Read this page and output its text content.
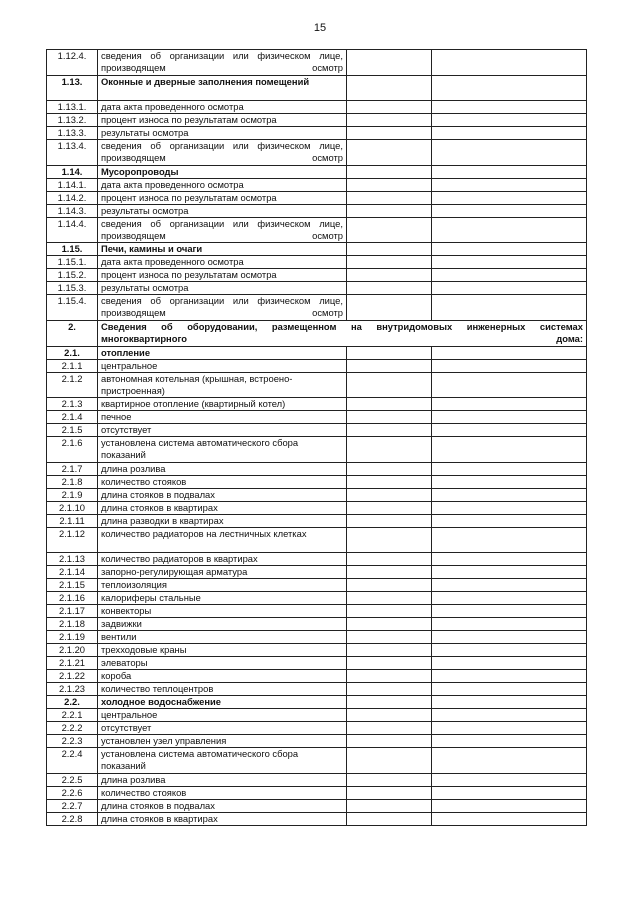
15
1.12.4.	сведения об организации или физическом лице, производящем осмотр		
1.13.	Оконные и дверные заполнения помещений		
1.13.1.	дата акта проведенного осмотра		
1.13.2.	процент износа по результатам осмотра		
1.13.3.	результаты осмотра		
1.13.4.	сведения об организации или физическом лице, производящем осмотр		
1.14.	Мусоропроводы		
1.14.1.	дата акта проведенного осмотра		
1.14.2.	процент износа по результатам осмотра		
1.14.3.	результаты осмотра		
1.14.4.	сведения об организации или физическом лице, производящем осмотр		
1.15.	Печи, камины и очаги		
1.15.1.	дата акта проведенного осмотра		
1.15.2.	процент износа по результатам осмотра		
1.15.3.	результаты осмотра		
1.15.4.	сведения об организации или физическом лице, производящем осмотр		
2.	Сведения об оборудовании, размещенном на внутридомовых инженерных системах многоквартирного дома:		
2.1.	отопление		
2.1.1	центральное		
2.1.2	автономная котельная (крышная, встроено-пристроенная)		
2.1.3	квартирное отопление (квартирный котел)		
2.1.4	печное		
2.1.5	отсутствует		
2.1.6	установлена система автоматического сбора показаний		
2.1.7	длина розлива		
2.1.8	количество стояков		
2.1.9	длина стояков в подвалах		
2.1.10	длина стояков в квартирах		
2.1.11	длина разводки в квартирах		
2.1.12	количество радиаторов на лестничных клетках		
2.1.13	количество радиаторов в квартирах		
2.1.14	запорно-регулирующая арматура		
2.1.15	теплоизоляция		
2.1.16	калориферы стальные		
2.1.17	конвекторы		
2.1.18	задвижки		
2.1.19	вентили		
2.1.20	трехходовые краны		
2.1.21	элеваторы		
2.1.22	короба		
2.1.23	количество теплоцентров		
2.2.	холодное водоснабжение		
2.2.1	центральное		
2.2.2	отсутствует		
2.2.3	установлен узел управления		
2.2.4	установлена система автоматического сбора показаний		
2.2.5	длина розлива		
2.2.6	количество стояков		
2.2.7	длина стояков в подвалах		
2.2.8	длина стояков в квартирах		
